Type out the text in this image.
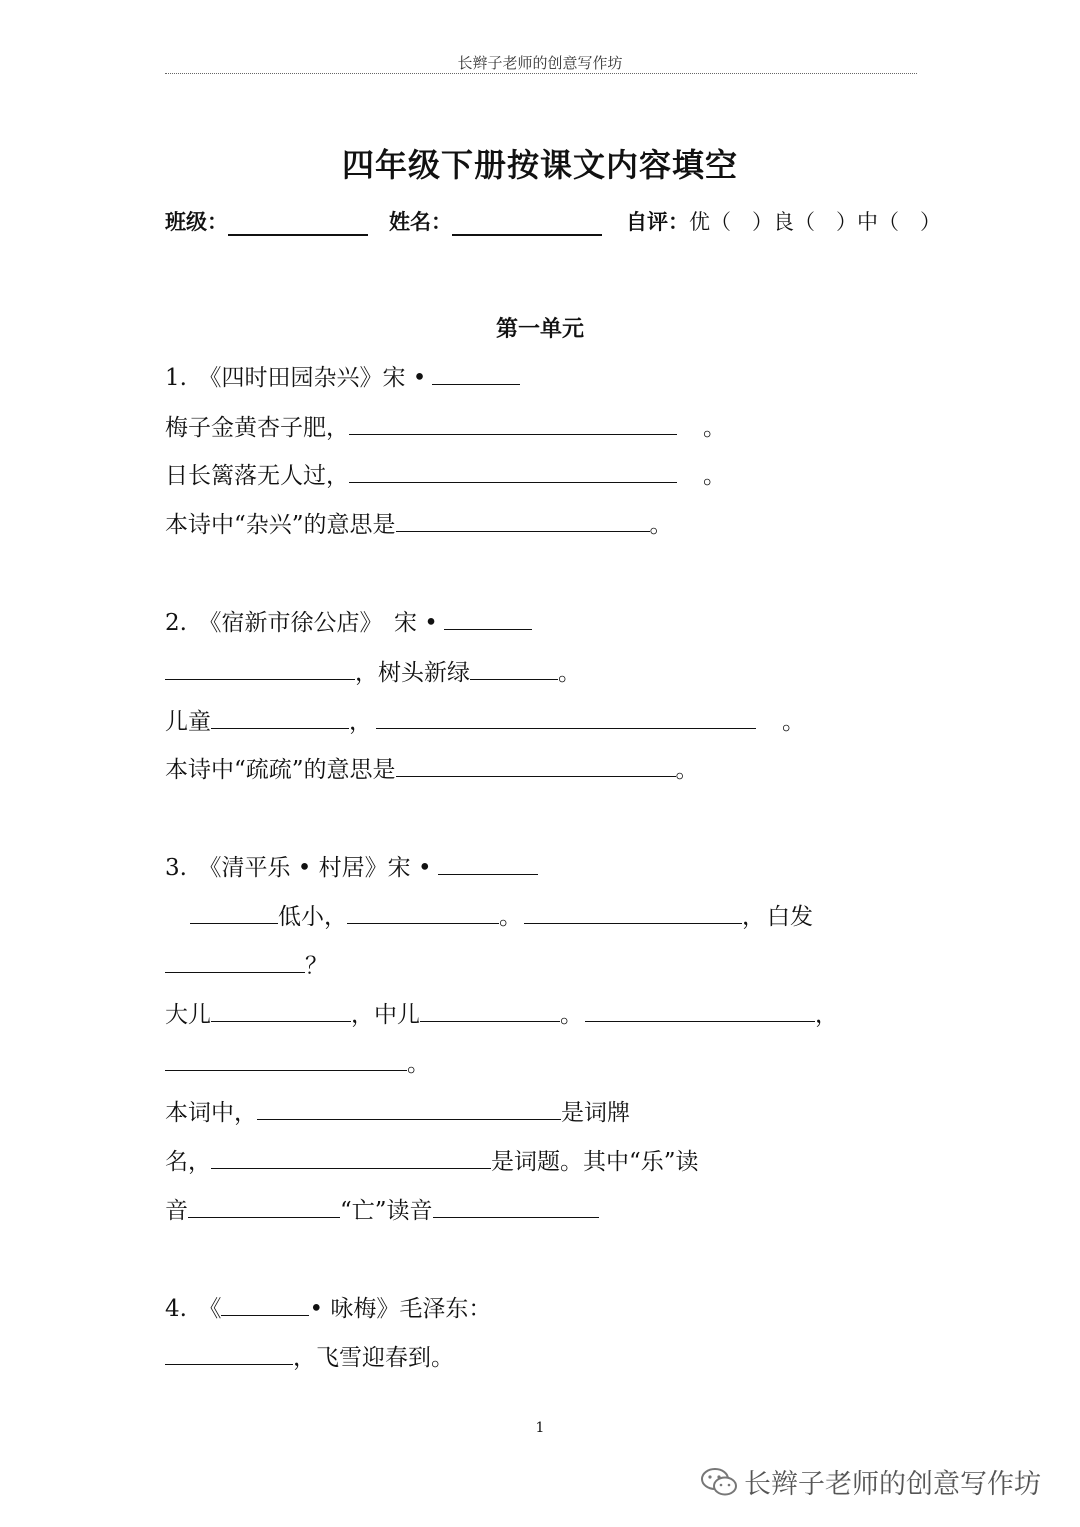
长辫子老师的创意写作坊
四年级下册按课文内容填空
班级：	姓名：	自评：优（　）良（　）中（　）
第一单元
1.　《四时田园杂兴》宋 •
梅子金黄杏子肥，	。
日长篱落无人过，	。
本诗中“杂兴”的意思是	。
2.　《宿新市徐公店》　宋 •
，树头新绿	。
儿童	，	。
本诗中“疏疏”的意思是	。
3.　《清平乐 • 村居》宋 •
低小，	。	，白发
？
大儿	，中儿	。	，
。
本词中，	是词牌
名，	是词题。其中“乐”读
音	“亡”读音
4.　《	• 咏梅》毛泽东：
，飞雪迎春到。
1
长辫子老师的创意写作坊
